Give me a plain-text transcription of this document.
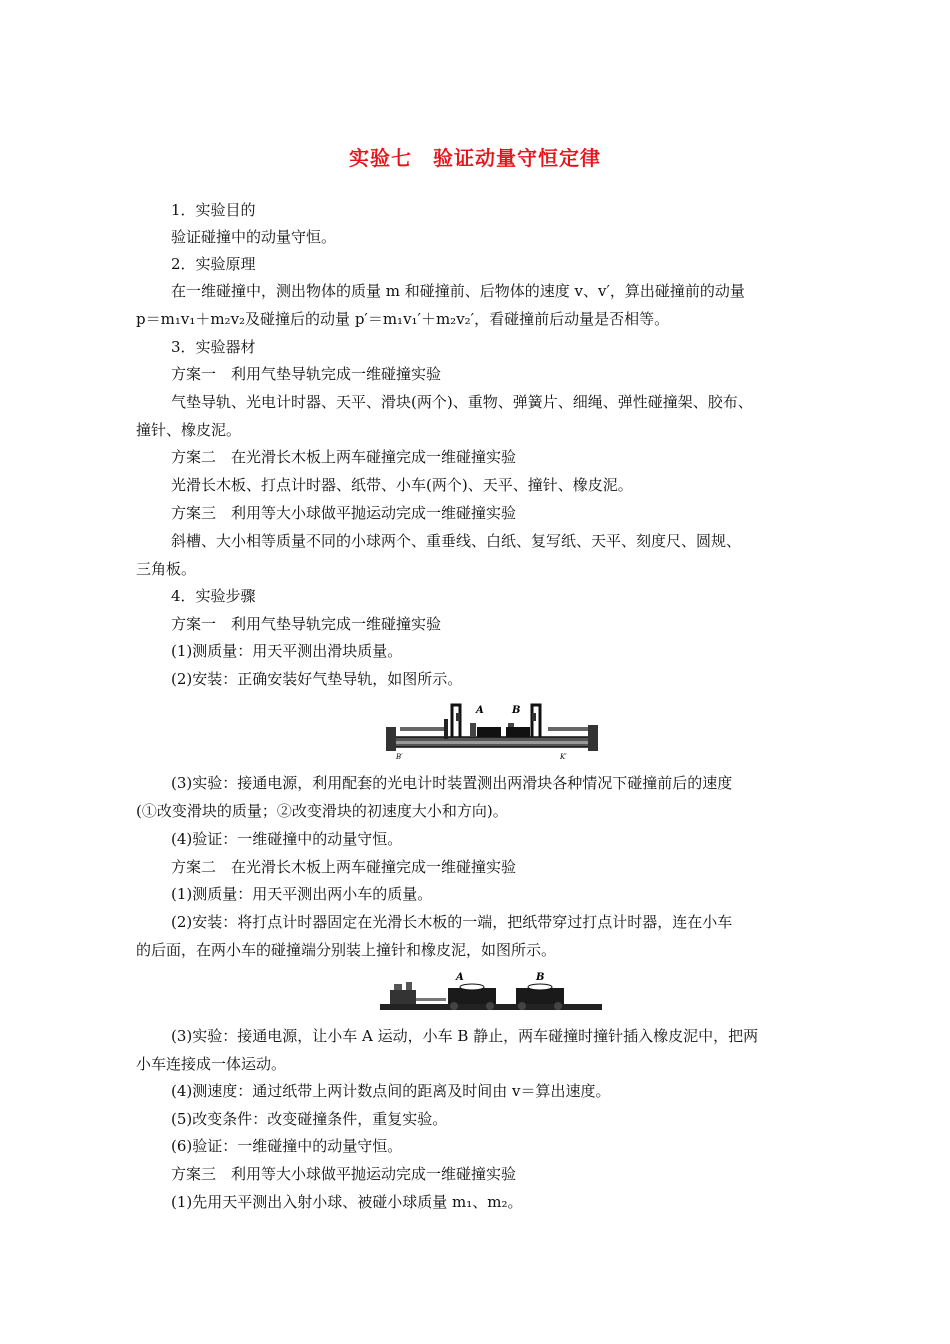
实验七　验证动量守恒定律
1．实验目的
验证碰撞中的动量守恒。
2．实验原理
在一维碰撞中，测出物体的质量 m 和碰撞前、后物体的速度 v、v′，算出碰撞前的动量
p＝m₁v₁＋m₂v₂及碰撞后的动量 p′＝m₁v₁′＋m₂v₂′，看碰撞前后动量是否相等。
3．实验器材
方案一　利用气垫导轨完成一维碰撞实验
气垫导轨、光电计时器、天平、滑块(两个)、重物、弹簧片、细绳、弹性碰撞架、胶布、
撞针、橡皮泥。
方案二　在光滑长木板上两车碰撞完成一维碰撞实验
光滑长木板、打点计时器、纸带、小车(两个)、天平、撞针、橡皮泥。
方案三　利用等大小球做平抛运动完成一维碰撞实验
斜槽、大小相等质量不同的小球两个、重垂线、白纸、复写纸、天平、刻度尺、圆规、
三角板。
4．实验步骤
方案一　利用气垫导轨完成一维碰撞实验
(1)测质量：用天平测出滑块质量。
(2)安装：正确安装好气垫导轨，如图所示。
A	B
B′	K′
(3)实验：接通电源，利用配套的光电计时装置测出两滑块各种情况下碰撞前后的速度
(①改变滑块的质量；②改变滑块的初速度大小和方向)。
(4)验证：一维碰撞中的动量守恒。
方案二　在光滑长木板上两车碰撞完成一维碰撞实验
(1)测质量：用天平测出两小车的质量。
(2)安装：将打点计时器固定在光滑长木板的一端，把纸带穿过打点计时器，连在小车
的后面，在两小车的碰撞端分别装上撞针和橡皮泥，如图所示。
A	B
(3)实验：接通电源，让小车 A 运动，小车 B 静止，两车碰撞时撞针插入橡皮泥中，把两
小车连接成一体运动。
(4)测速度：通过纸带上两计数点间的距离及时间由 v＝算出速度。
(5)改变条件：改变碰撞条件，重复实验。
(6)验证：一维碰撞中的动量守恒。
方案三　利用等大小球做平抛运动完成一维碰撞实验
(1)先用天平测出入射小球、被碰小球质量 m₁、m₂。
